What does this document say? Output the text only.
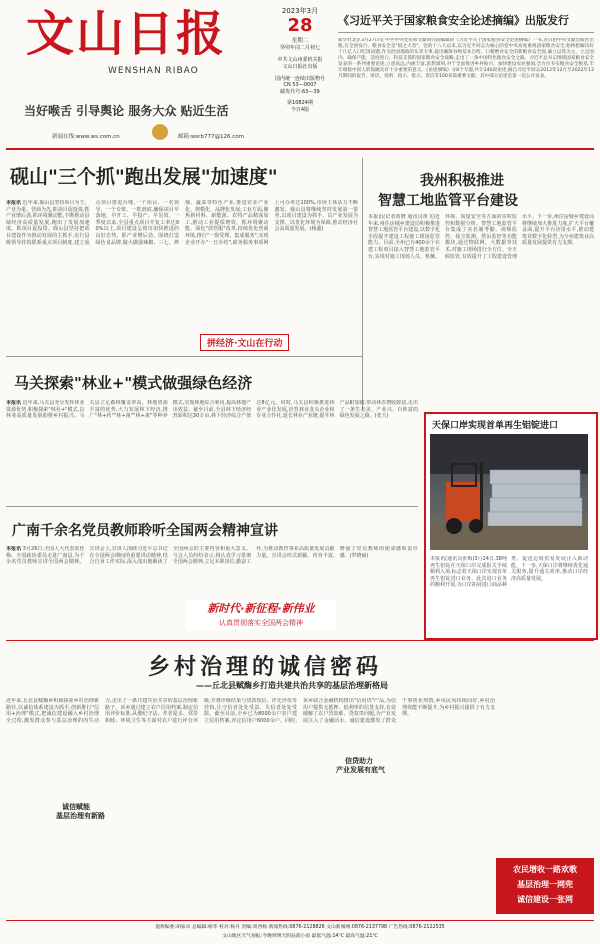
文山日报
WENSHAN RIBAO
当好喉舌 引导舆论 服务大众 贴近生活
新闻在线:www.ws.com.cn	邮箱:wsrb777@126.com
2023年3月
28
星期二
癸卯年闰二月初七
中共文山州委机关报
文山日报社出版
国内统一连续出版物号
CN 53—0007
邮发代号:63—39
第10824期
今日4版
《习近平关于国家粮食安全论述摘编》出版发行
新华社北京3月27日电 中共中央党史和文献研究院编辑的《习近平关于国家粮食安全论述摘编》一书,近日由中央文献出版社出版,在全国发行。粮食安全是"国之大者"。党的十八大以来,以习近平同志为核心的党中央高度重视国家粮食安全,始终把解决好十几亿人口吃饭问题,作为治国理政的头等大事,提出确保谷物基本自给、口粮绝对安全的新粮食安全观,确立以我为主、立足国内、确保产能、适度进口、科技支撑的国家粮食安全战略,走出了一条中国特色粮食安全之路。习近平总书记围绕国家粮食安全发表的一系列重要论述,立意高远,内涵丰富,思想深刻,对于全面推进乡村振兴、加快建设农业强国,全方位夯实粮食安全根基,牢牢端稳中国人的饭碗具有十分重要的意义。《论述摘编》分8个专题,共计240段论述,摘自习近平同志2012年12月至2022年12月期间的报告、讲话、说明、指示、批示、贺信等100多篇重要文献。其中部分论述是第一次公开发表。
砚山"三个抓"跑出发展"加速度"
本报讯 近年来,砚山县坚持项目为王、产业为重、营商为先,抓项目促投资,抓产业增后劲,抓环境聚动能,不断推动县域经济高质量发展,跑出了发展加速度。抓项目促投资。砚山县坚持把项目建设作为推动发展的主抓手,实行县级领导挂钩联系重点项目制度,建立重点项目推进台账,一个项目、一名领导、一个专班、一抓到底,确保项目早落地、早开工、早投产、早见效。一季度以来,全县重点项目开复工率达90%以上,项目建设呈现出加快推进的良好态势。抓产业增后劲。围绕打造绿色食品牌,做大做强辣椒、三七、烤烟、蔬菜等特色产业,推进农业产业化、规模化、品牌化发展;工业方面,聚焦新材料、新能源、农特产品精深加工,推动工业提质增效。抓环境聚动能。深化"放管服"改革,持续优化营商环境,推行"一窗受理、集成服务",实现企业开办"一日办结",政务服务事项网上可办率达100%,市场主体活力不断激发。砚山县将继续坚持发展第一要务,以项目建设为抓手、以产业发展为支撑、以优化环境为保障,推动经济社会高质量发展。(杨鑫)
拼经济·文山在行动
我州积极推进
智慧工地监管平台建设
本报讯(记者黄晓 通讯员黄飞)近年来,州住房城乡建设局积极推进智慧工地监管平台建设,以数字化手段提升建设工程施工现场监管能力。目前,全州已有400余个在建工程项目接入智慧工地监管平台,实现对施工现场人员、机械、环境、质量安全等方面的实时监控和数据分析。智慧工地监管平台集成了实名制考勤、视频监控、扬尘监测、塔吊监控等功能模块,通过物联网、大数据等技术,对施工现场进行全方位、全天候监管,有效提升了工程建设管理水平。下一步,州住房城乡建设局将继续加大推进力度,扩大平台覆盖面,提升平台应用水平,推动建筑业数字化转型,为全州建筑业高质量发展提供有力支撑。
马关探索"林业+"模式做强绿色经济
本报讯 近年来,马关县充分发挥林业资源优势,积极探索"林业+"模式,以林业高质量发展助推乡村振兴。马关县立足森林覆盖率高、林地资源丰富的优势,大力发展林下经济,推广"林+药""林+菌""林+禽"等种养模式,实现林地综合利用,提高林地产出效益。截至目前,全县林下经济经营面积达30万亩,林下经济综合产值达8亿元。同时,马关县积极推进林业产业化发展,培育林业龙头企业和专业合作社,延长林业产业链,提升林产品附加值,带动林农增收致富,走出了一条生态美、产业兴、百姓富的绿色发展之路。(张玉)
天保口岸实现首单再生铝锭进口
本报讯(通讯员张梅)3月24日,38吨再生铝锭在天保口岸完成报关手续顺利入境,标志着天保口岸实现首单再生铝锭进口业务。此次进口业务的顺利开展,为口岸拓展进口商品种类、促进边境贸易发展注入新动能。下一步,天保口岸将继续优化通关服务,提升通关效率,推动口岸经济高质量发展。
广南千余名党员教师聆听全国两会精神宣讲
本报讯 3月26日,全国人大代表张桂梅、全国政协委员走进广南县,为千余名党员教师宣讲全国两会精神。宣讲会上,宣讲人围绕习近平总书记在全国两会期间的重要讲话精神,结合自身工作实际,深入浅出地解读了全国两会的主要内容和重大意义。与会人员纷纷表示,将认真学习贯彻全国两会精神,立足本职岗位,勤奋工作,为推动教育事业高质量发展贡献力量。宣讲会形式新颖、内容丰富,增强了党员教师的使命感和责任感。(罗晓丽)
新时代·新征程·新伟业
认真贯彻落实全国两会精神
乡村治理的诚信密码
——丘北县赋酶乡打造共建共治共享的基层治理新格局
诚信赋能
基层治理有新路
信贷助力
产业发展有底气
近年来,丘北县赋酶乡积极探索乡村治理新路径,以诚信体系建设为抓手,创新推行"信用+治理"模式,把诚信建设融入乡村治理全过程,激发群众参与基层治理的内生动力,走出了一条共建共治共享的基层治理新路子。该乡通过建立农户信用档案,制定信用评价标准,从遵纪守法、孝老爱亲、邻里和睦、环境卫生等方面对农户进行评分评级,并将评级结果与贷款授信、评先评优等挂钩,让守信者处处受益、失信者处处受限。截至目前,全乡已为8000余户农户建立信用档案,评定信用户6000余户。同时,该乡联合金融机构推出"信用贷"产品,为信用户提供无抵押、低利率的信贷支持,有效破解了农户贷款难、贷款贵问题,为产业发展注入了金融活水。诚信建设激发了群众干事创业热情,乡风民风持续向好,乡村治理效能不断提升,为乡村振兴提供了有力支撑。
农民增收一路欢歌
基层治理一网兜
诚信建设一张网
值班编委:胡家卓 总编辑:杨华 校对:杨丹 责编:周西杨 新闻热线:0876-2128826 文山新闻网:0876-2137798 广告热线:0876-2122535
文山地区天气预报:今晚到明天阴局部小雨 最低气温:14℃ 最高气温:21℃
